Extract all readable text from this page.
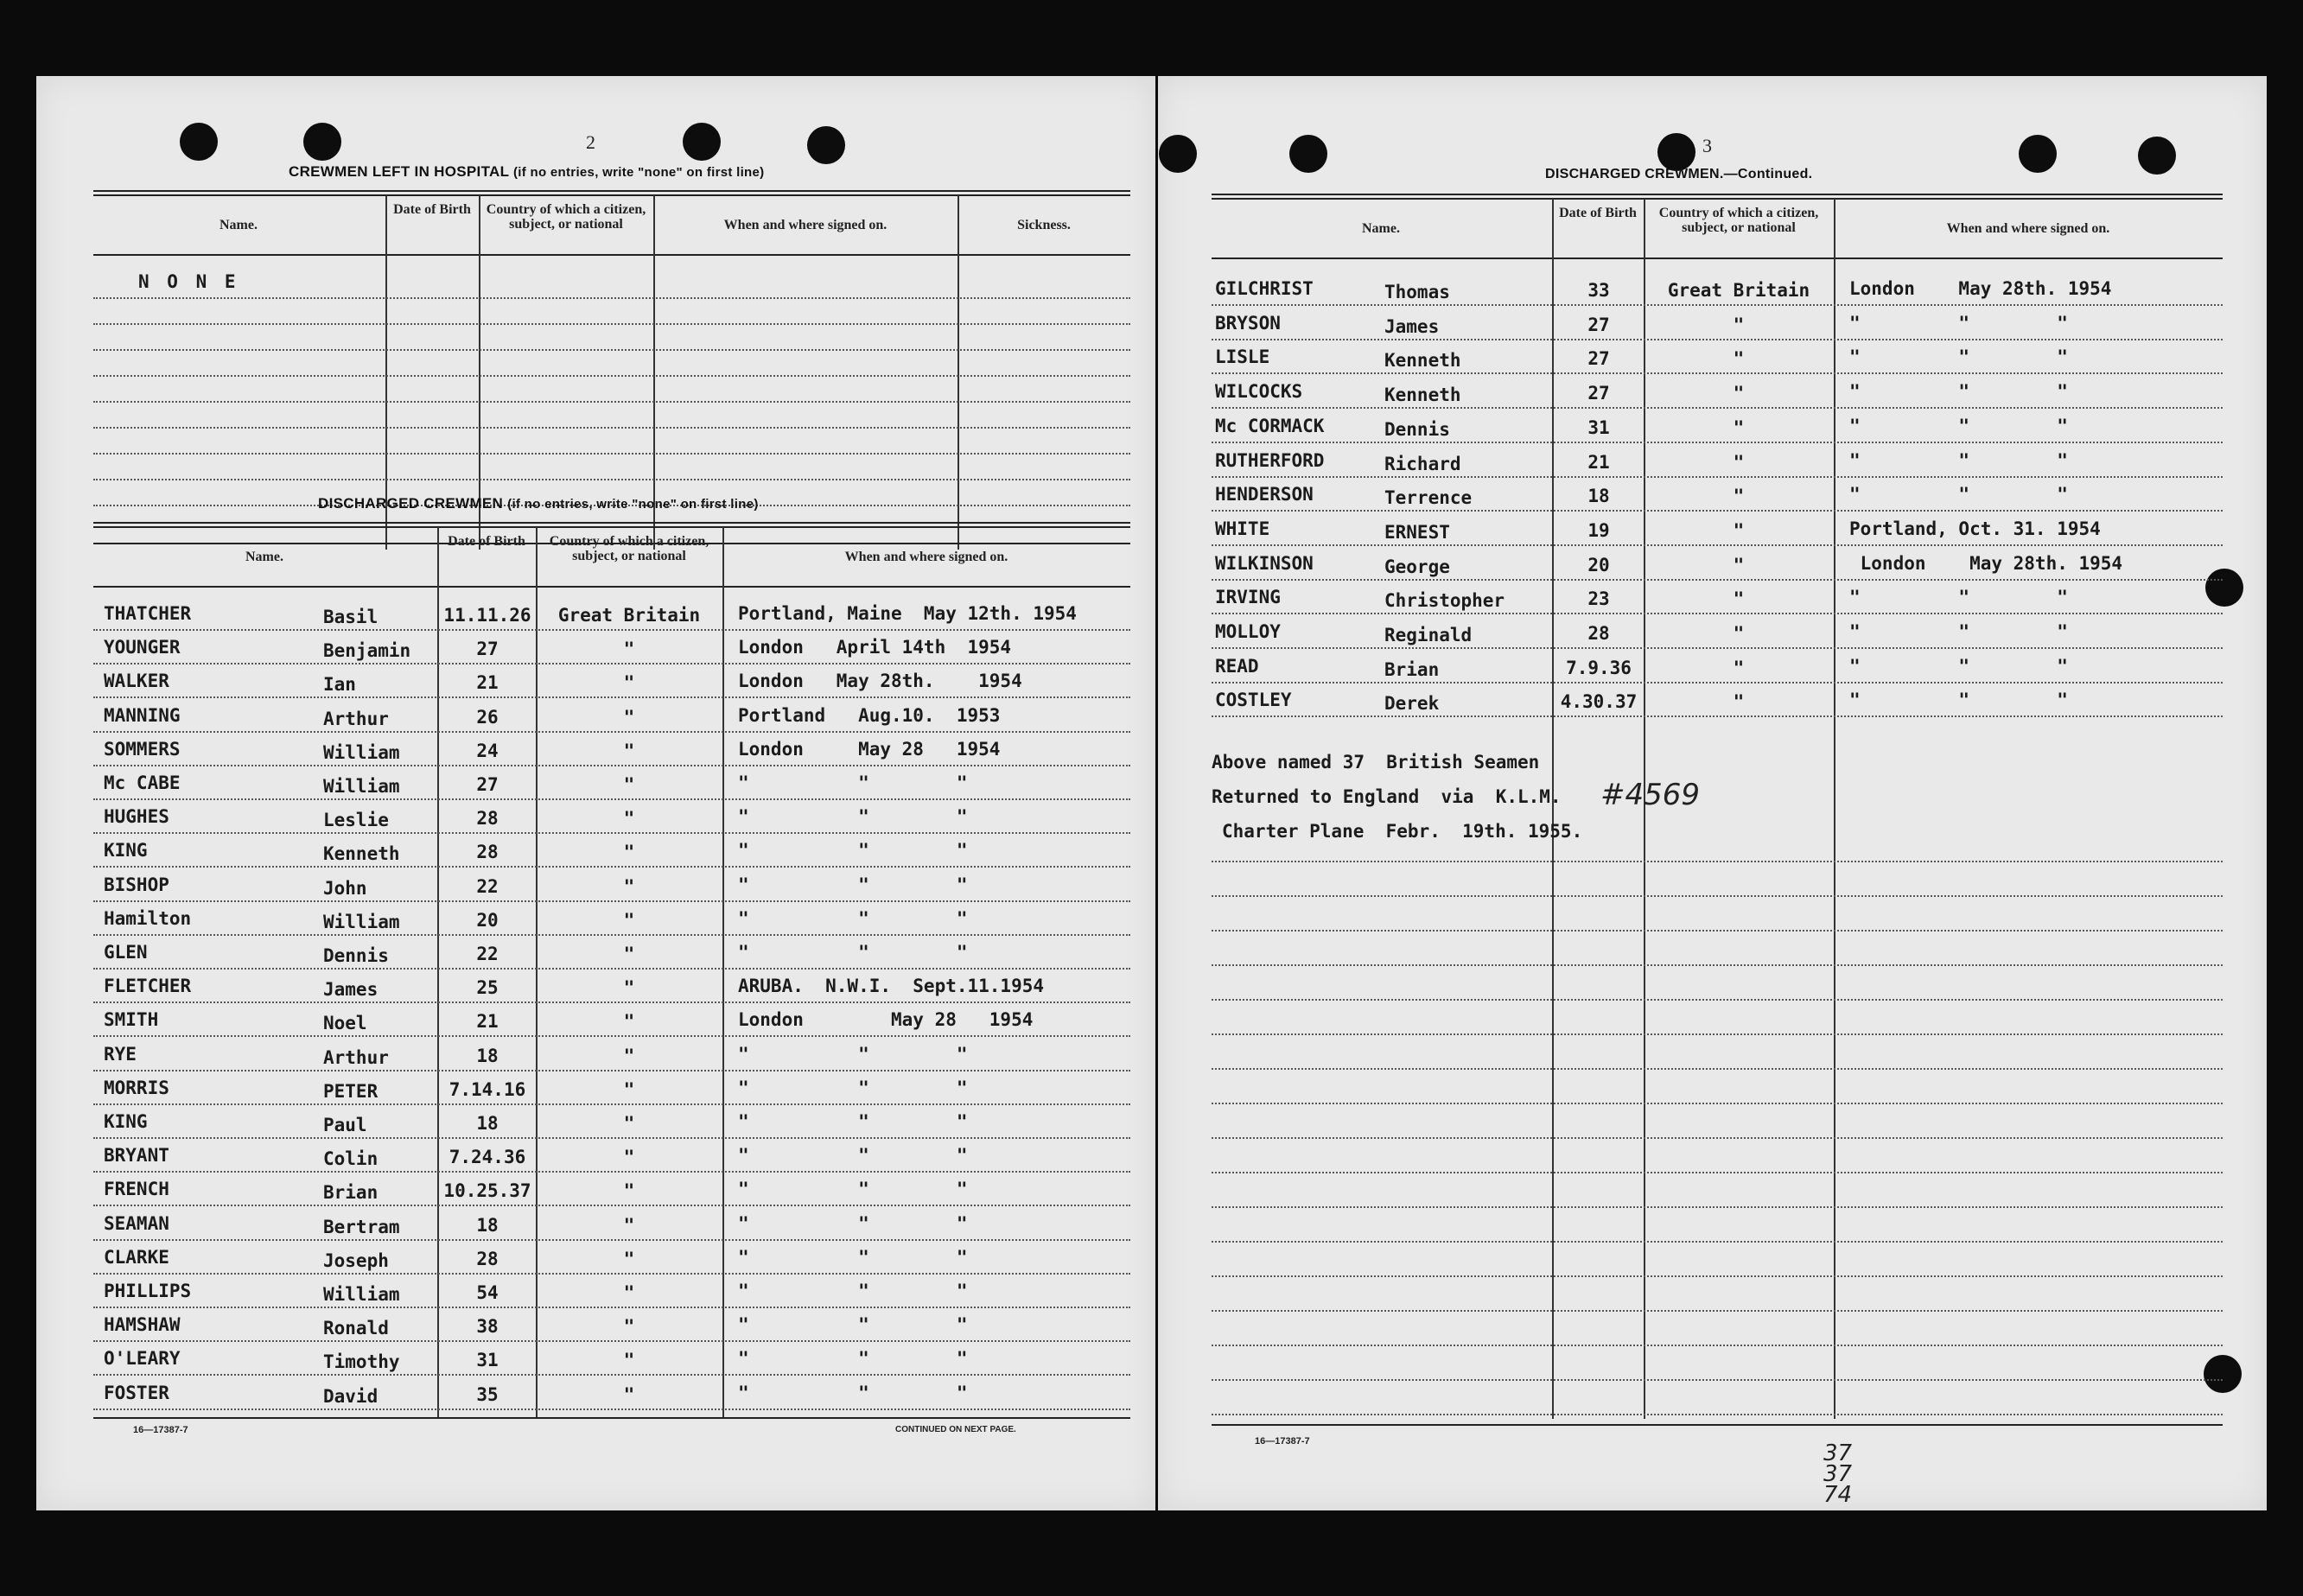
2
CREWMEN LEFT IN HOSPITAL (if no entries, write "none" on first line)
Name.
Date of Birth	Country of which a citizen, subject, or national	When and where signed on.	Sickness.
N O N E
DISCHARGED CREWMEN (if no entries, write "none" on first line)
Name.
Date of Birth	Country of which a citizen, subject, or national	When and where signed on.
THATCHER	Basil	11.11.26	Great Britain	Portland, Maine  May 12th. 1954
YOUNGER	Benjamin	27	"	London   April 14th  1954
WALKER	Ian	21	"	London   May 28th.    1954
MANNING	Arthur	26	"	Portland   Aug.10.  1953
SOMMERS	William	24	"	London     May 28   1954
Mc CABE	William	27	"	"          "        "
HUGHES	Leslie	28	"	"          "        "
KING	Kenneth	28	"	"          "        "
BISHOP	John	22	"	"          "        "
Hamilton	William	20	"	"          "        "
GLEN	Dennis	22	"	"          "        "
FLETCHER	James	25	"	ARUBA.  N.W.I.  Sept.11.1954
SMITH	Noel	21	"	London        May 28   1954
RYE	Arthur	18	"	"          "        "
MORRIS	PETER	7.14.16	"	"          "        "
KING	Paul	18	"	"          "        "
BRYANT	Colin	7.24.36	"	"          "        "
FRENCH	Brian	10.25.37	"	"          "        "
SEAMAN	Bertram	18	"	"          "        "
CLARKE	Joseph	28	"	"          "        "
PHILLIPS	William	54	"	"          "        "
HAMSHAW	Ronald	38	"	"          "        "
O'LEARY	Timothy	31	"	"          "        "
FOSTER	David	35	"	"          "        "
16—17387-7	CONTINUED ON NEXT PAGE.
3
DISCHARGED CREWMEN.—Continued.
Name.
Date of Birth	Country of which a citizen, subject, or national	When and where signed on.
GILCHRIST	Thomas	33	Great Britain	London    May 28th. 1954
BRYSON	James	27	"	"         "        "
LISLE	Kenneth	27	"	"         "        "
WILCOCKS	Kenneth	27	"	"         "        "
Mc CORMACK	Dennis	31	"	"         "        "
RUTHERFORD	Richard	21	"	"         "        "
HENDERSON	Terrence	18	"	"         "        "
WHITE	ERNEST	19	"	Portland, Oct. 31. 1954
WILKINSON	George	20	"	London    May 28th. 1954
IRVING	Christopher	23	"	"         "        "
MOLLOY	Reginald	28	"	"         "        "
READ	Brian	7.9.36	"	"         "        "
COSTLEY	Derek	4.30.37	"	"         "        "
Above named 37  British Seamen
Returned to England  via  K.L.M. #4569
Charter Plane  Febr.  19th. 1955.
16—17387-7	37 37 74
